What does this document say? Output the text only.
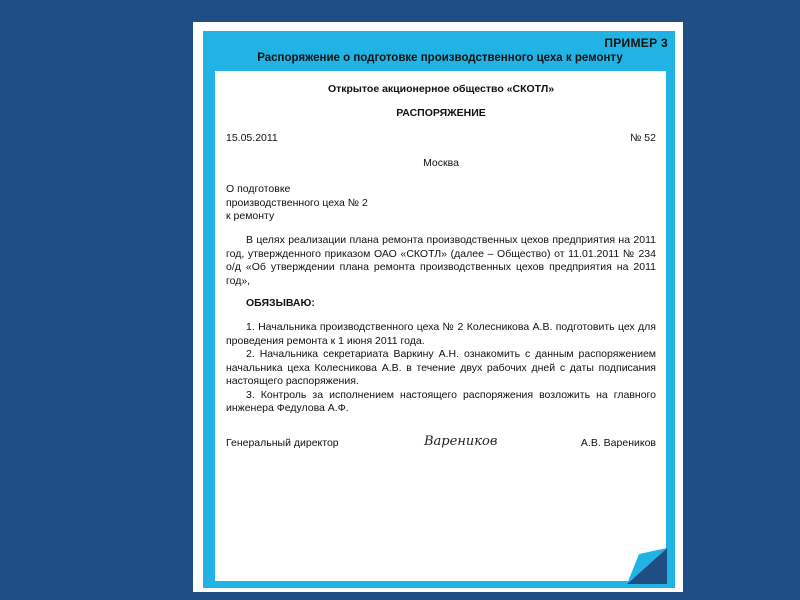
ПРИМЕР 3
Распоряжение о подготовке производственного цеха к ремонту
Открытое акционерное общество «СКОТЛ»
РАСПОРЯЖЕНИЕ
15.05.2011	№ 52
Москва
О подготовке
производственного цеха № 2
к ремонту
В целях реализации плана ремонта производственных цехов предприятия на 2011 год, утвержденного приказом ОАО «СКОТЛ» (далее – Общество) от 11.01.2011 № 234 о/д «Об утверждении плана ремонта производственных цехов предприятия на 2011 год»,
ОБЯЗЫВАЮ:
1. Начальника производственного цеха № 2 Колесникова А.В. подготовить цех для проведения ремонта к 1 июня 2011 года.
2. Начальника секретариата Варкину А.Н. ознакомить с данным распоряжением начальника цеха Колесникова А.В. в течение двух рабочих дней с даты подписания настоящего распоряжения.
3. Контроль за исполнением настоящего распоряжения возложить на главного инженера Федулова А.Ф.
Генеральный директор	А.В. Вареников
Вареников
